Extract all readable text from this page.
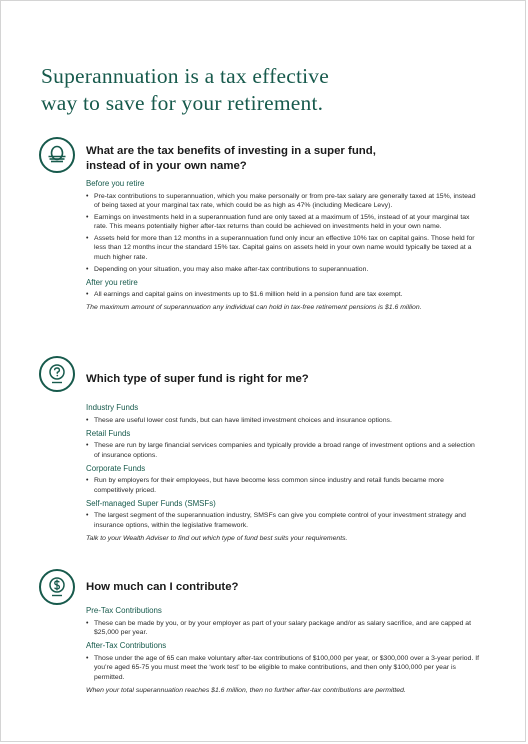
Superannuation is a tax effective
way to save for your retirement.
What are the tax benefits of investing in a super fund,
instead of in your own name?
Before you retire
• Pre-tax contributions to superannuation, which you make personally or from pre-tax salary are generally taxed at 15%, instead of being taxed at your marginal tax rate, which could be as high as 47% (including Medicare Levy).
• Earnings on investments held in a superannuation fund are only taxed at a maximum of 15%, instead of at your marginal tax rate. This means potentially higher after-tax returns than could be achieved on investments held in your own name.
• Assets held for more than 12 months in a superannuation fund only incur an effective 10% tax on capital gains. Those held for less than 12 months incur the standard 15% tax. Capital gains on assets held in your own name would typically be taxed at a much higher rate.
• Depending on your situation, you may also make after-tax contributions to superannuation.
After you retire
• All earnings and capital gains on investments up to $1.6 million held in a pension fund are tax exempt.

The maximum amount of superannuation any individual can hold in tax-free retirement pensions is $1.6 million.

Which type of super fund is right for me?
Industry Funds
• These are useful lower cost funds, but can have limited investment choices and insurance options.
Retail Funds
• These are run by large financial services companies and typically provide a broad range of investment options and a selection of insurance options.
Corporate Funds
• Run by employers for their employees, but have become less common since industry and retail funds became more competitively priced.
Self-managed Super Funds (SMSFs)
• The largest segment of the superannuation industry, SMSFs can give you complete control of your investment strategy and insurance options, within the legislative framework.

Talk to your Wealth Adviser to find out which type of fund best suits your requirements.

How much can I contribute?
Pre-Tax Contributions
• These can be made by you, or by your employer as part of your salary package and/or as salary sacrifice, and are capped at $25,000 per year.
After-Tax Contributions
• Those under the age of 65 can make voluntary after-tax contributions of $100,000 per year, or $300,000 over a 3-year period. If you’re aged 65-75 you must meet the ‘work test’ to be eligible to make contributions, and then only $100,000 per year is permitted.

When your total superannuation reaches $1.6 million, then no further after-tax contributions are permitted.
